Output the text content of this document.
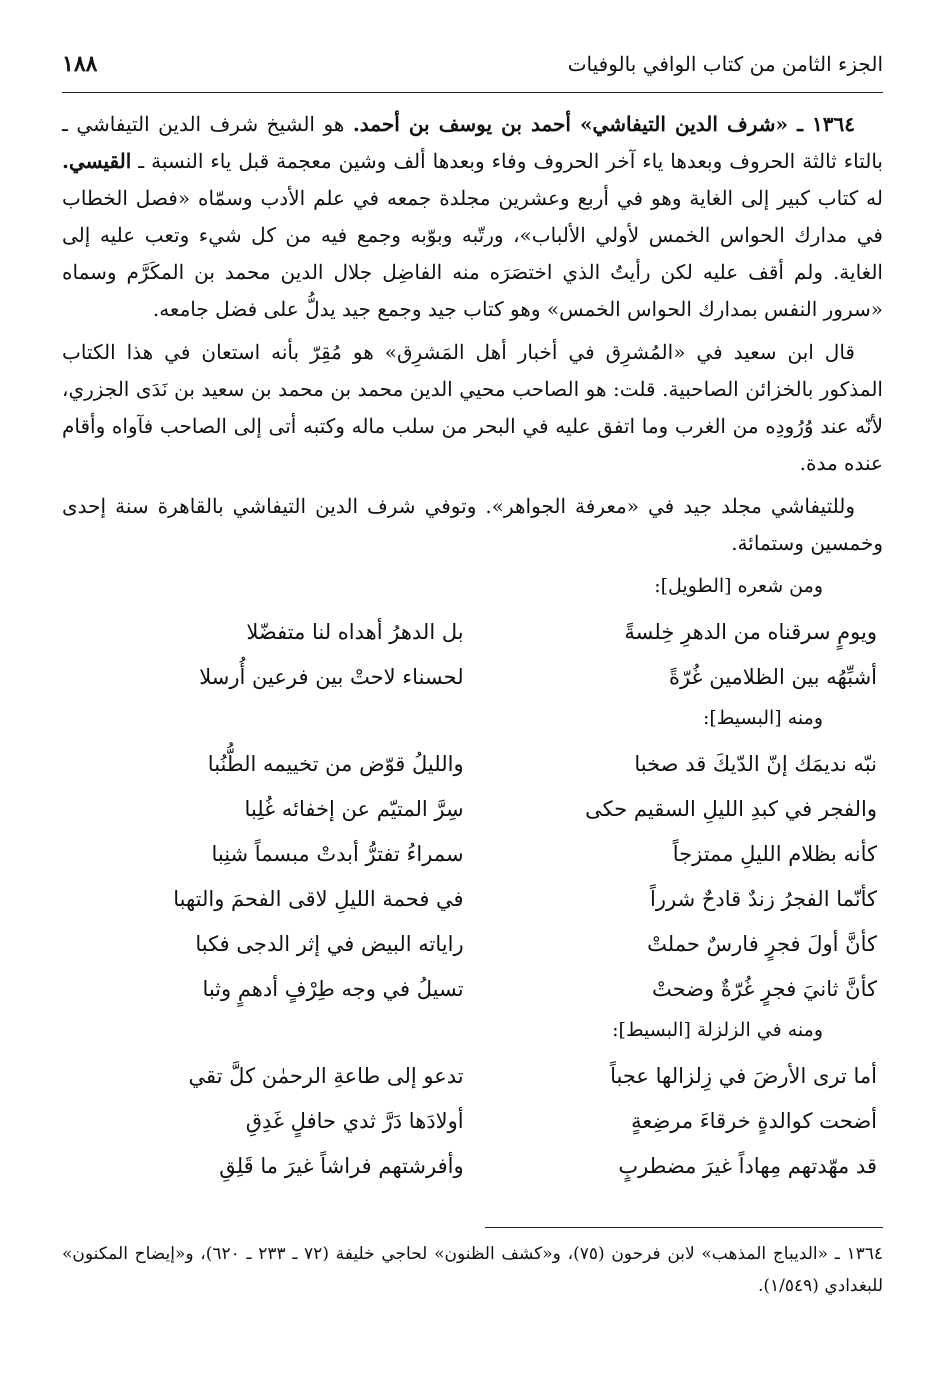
الجزء الثامن من كتاب الوافي بالوفيات
١٨٨

١٣٦٤ ـ «شرف الدين التيفاشي» أحمد بن يوسف بن أحمد. هو الشيخ شرف الدين التيفاشي ـ بالتاء ثالثة الحروف وبعدها ياء آخر الحروف وفاء وبعدها ألف وشين معجمة قبل ياء النسبة ـ القيسي. له كتاب كبير إلى الغاية وهو في أربع وعشرين مجلدة جمعه في علم الأدب وسمّاه «فصل الخطاب في مدارك الحواس الخمس لأولي الألباب»، ورتّبه وبوّبه وجمع فيه من كل شيء وتعب عليه إلى الغاية. ولم أقف عليه لكن رأيتُ الذي اختصَرَه منه الفاضِل جلال الدين محمد بن المكَرَّم وسماه «سرور النفس بمدارك الحواس الخمس» وهو كتاب جيد وجمع جيد يدلُّ على فضل جامعه.

قال ابن سعيد في «المُشرِق في أخبار أهل المَشرِق» هو مُقِرّ بأنه استعان في هذا الكتاب المذكور بالخزائن الصاحبية. قلت: هو الصاحب محيي الدين محمد بن محمد بن سعيد بن نَدَى الجزري، لأنّه عند وُرُودِه من الغرب وما اتفق عليه في البحر من سلب ماله وكتبه أتى إلى الصاحب فآواه وأقام عنده مدة.

وللتيفاشي مجلد جيد في «معرفة الجواهر». وتوفي شرف الدين التيفاشي بالقاهرة سنة إحدى وخمسين وستمائة.

ومن شعره [الطويل]:

ويومٍ سرقناه من الدهرِ خِلسةً
بل الدهرُ أهداه لنا متفضّلا
أشبِّهُه بين الظلامين غُرّةً
لحسناء لاحتْ بين فرعين أُرسلا

ومنه [البسيط]:

نبّه نديمَك إنّ الدّيكَ قد صخبا
والليلُ قوّض من تخييمه الطُّنُبا
والفجر في كبدِ الليلِ السقيم حكى
سِرَّ المتيّم عن إخفائه غُلِبا
كأنه بظلام الليلِ ممتزجاً
سمراءُ تفترُّ أبدتْ مبسماً شنِبا
كأنّما الفجرُ زندٌ قادحٌ شرراً
في فحمة الليلِ لاقى الفحمَ والتهبا
كأنَّ أولَ فجرٍ فارسٌ حملتْ
راياته البيض في إثر الدجى فكبا
كأنَّ ثانيَ فجرٍ غُرّةٌ وضحتْ
تسيلُ في وجه طِرْفٍ أدهمٍ وثبا

ومنه في الزلزلة [البسيط]:

أما ترى الأرضَ في زِلزالها عجباً
تدعو إلى طاعةِ الرحمٰن كلَّ تقي
أضحت كوالدةٍ خرقاءَ مرضِعةٍ
أولادَها دَرَّ ثدي حافلٍ غَدِقِ
قد مهّدتهم مِهاداً غيرَ مضطربٍ
وأفرشتهم فراشاً غيرَ ما قَلِقِ
١٣٦٤ ـ «الديباج المذهب» لابن فرحون (٧٥)، و«كشف الظنون» لحاجي خليفة (٧٢ ـ ٢٣٣ ـ ٦٢٠)، و«إيضاح المكنون» للبغدادي (١/٥٤٩).
